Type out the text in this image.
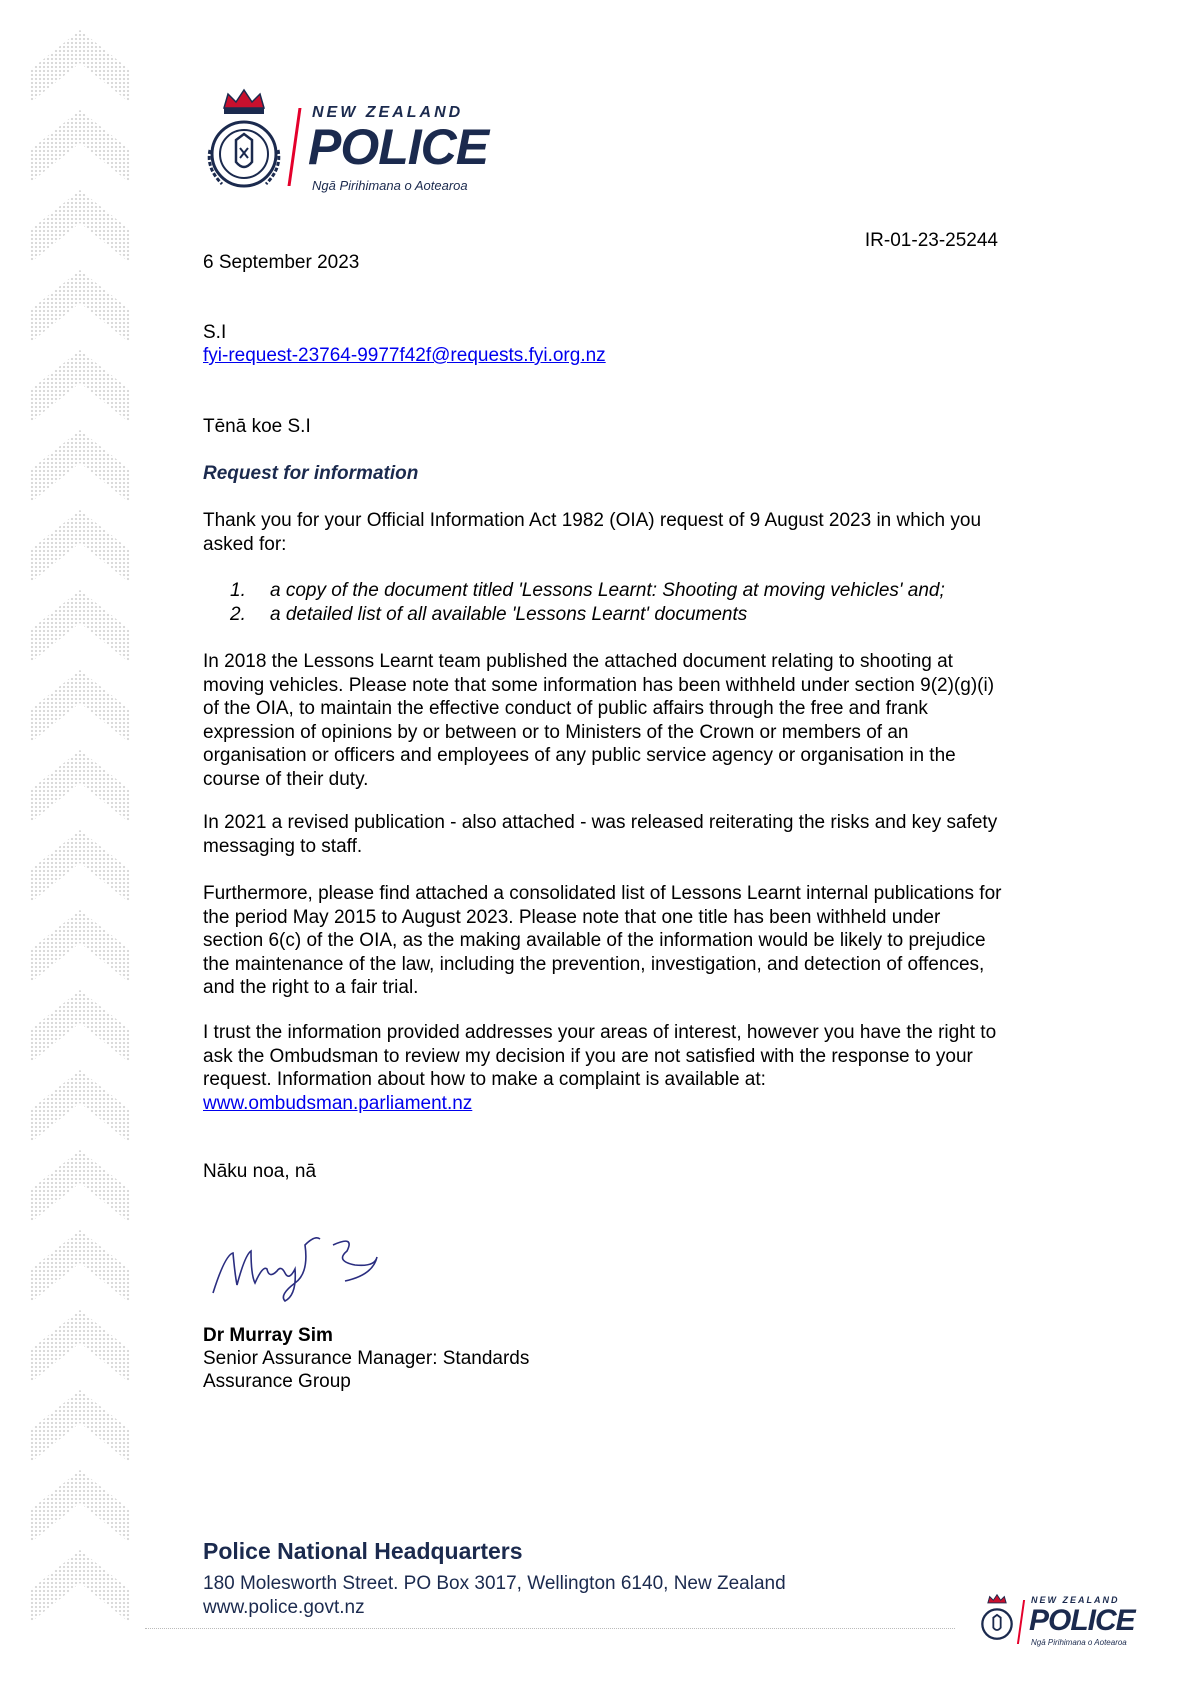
NEW ZEALAND
POLICE
Ngā Pirihimana o Aotearoa
IR-01-23-25244
6 September 2023
S.I
fyi-request-23764-9977f42f@requests.fyi.org.nz
Tēnā koe S.I
Request for information

Thank you for your Official Information Act 1982 (OIA) request of 9 August 2023 in which you asked for:

1.	a copy of the document titled 'Lessons Learnt: Shooting at moving vehicles' and;
2.	a detailed list of all available 'Lessons Learnt' documents

In 2018 the Lessons Learnt team published the attached document relating to shooting at moving vehicles. Please note that some information has been withheld under section 9(2)(g)(i) of the OIA, to maintain the effective conduct of public affairs through the free and frank expression of opinions by or between or to Ministers of the Crown or members of an organisation or officers and employees of any public service agency or organisation in the course of their duty.

In 2021 a revised publication - also attached - was released reiterating the risks and key safety messaging to staff.

Furthermore, please find attached a consolidated list of Lessons Learnt internal publications for the period May 2015 to August 2023. Please note that one title has been withheld under section 6(c) of the OIA, as the making available of the information would be likely to prejudice the maintenance of the law, including the prevention, investigation, and detection of offences, and the right to a fair trial.

I trust the information provided addresses your areas of interest, however you have the right to ask the Ombudsman to review my decision if you are not satisfied with the response to your request. Information about how to make a complaint is available at: www.ombudsman.parliament.nz

Nāku noa, nā
Dr Murray Sim
Senior Assurance Manager: Standards
Assurance Group
Police National Headquarters
180 Molesworth Street. PO Box 3017, Wellington 6140, New Zealand
www.police.govt.nz	NEW ZEALAND
POLICE
Ngā Pirihimana o Aotearoa
